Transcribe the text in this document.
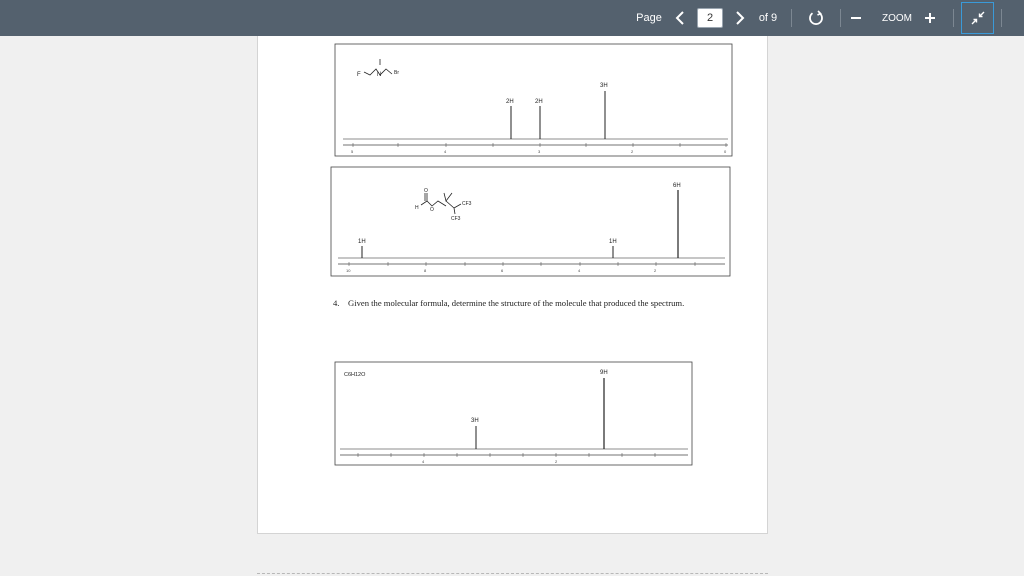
Page
2	of 9	ZOOM
F	N	Br
2H	2H
3H
5	4	3	2	0
O
H O
CF3
CF3
1H	1H
6H
10	8	6	4	2
C6H12O	9H
3H
4	2
4. Given the molecular formula, determine the structure of the molecule that produced the spectrum.
